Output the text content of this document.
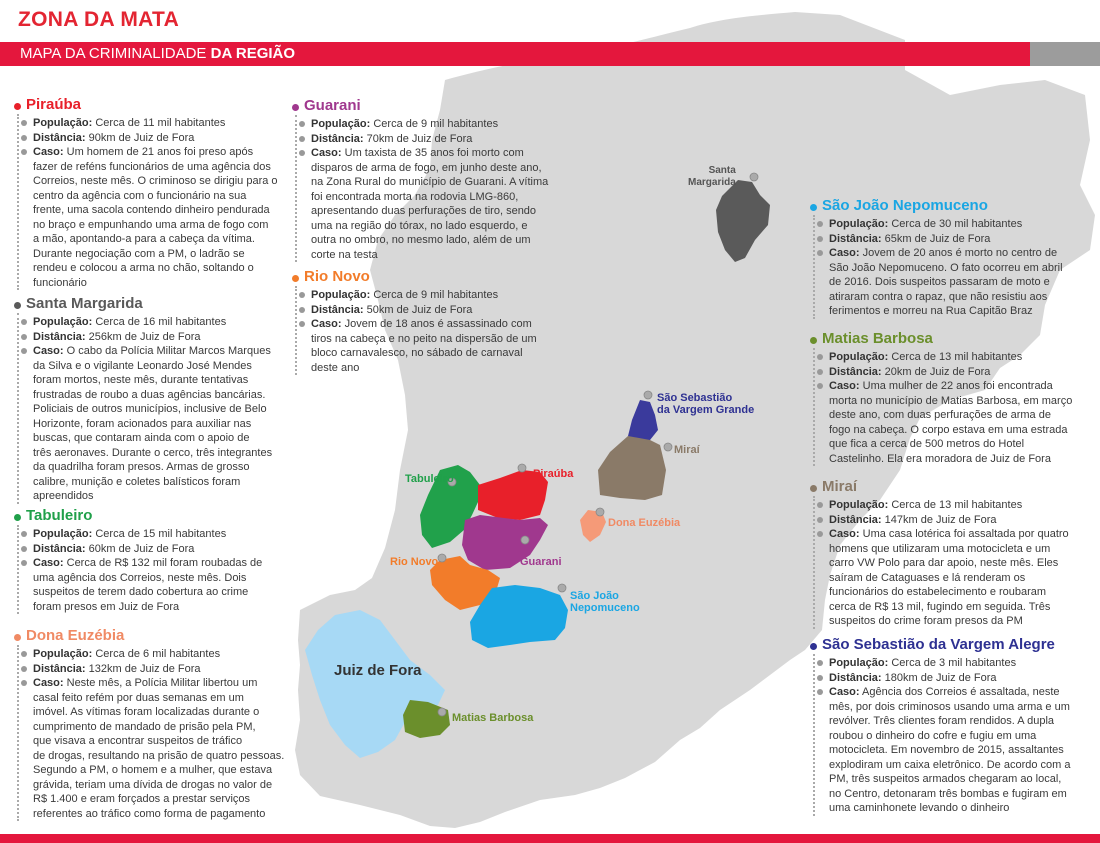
ZONA DA MATA
MAPA DA CRIMINALIDADE DA REGIÃO
Santa
Margarida
São Sebastião
da Vargem Grande
Miraí
Tabuleiro	Piraúba
Dona Euzébia
Guarani
Rio Novo
São João
Nepomuceno
Juiz de Fora
Matias Barbosa
Piraúba
População: Cerca de 11 mil habitantes
Distância: 90km de Juiz de Fora
Caso: Um homem de 21 anos foi preso após
fazer de reféns funcionários de uma agência dos
Correios, neste mês. O criminoso se dirigiu para o
centro da agência com o funcionário na sua
frente, uma sacola contendo dinheiro pendurada
no braço e empunhando uma arma de fogo com
a mão, apontando-a para a cabeça da vítima.
Durante negociação com a PM, o ladrão se
rendeu e colocou a arma no chão, soltando o
funcionário
Santa Margarida
População: Cerca de 16 mil habitantes
Distância: 256km de Juiz de Fora
Caso: O cabo da Polícia Militar Marcos Marques
da Silva e o vigilante Leonardo José Mendes
foram mortos, neste mês, durante tentativas
frustradas de roubo a duas agências bancárias.
Policiais de outros municípios, inclusive de Belo
Horizonte, foram acionados para auxiliar nas
buscas, que contaram ainda com o apoio de
três aeronaves. Durante o cerco, três integrantes
da quadrilha foram presos. Armas de grosso
calibre, munição e coletes balísticos foram
apreendidos
Tabuleiro
População: Cerca de 15 mil habitantes
Distância: 60km de Juiz de Fora
Caso: Cerca de R$ 132 mil foram roubadas de
uma agência dos Correios, neste mês. Dois
suspeitos de terem dado cobertura ao crime
foram presos em Juiz de Fora
Dona Euzébia
População: Cerca de 6 mil habitantes
Distância: 132km de Juiz de Fora
Caso: Neste mês, a Polícia Militar libertou um
casal feito refém por duas semanas em um
imóvel. As vítimas foram localizadas durante o
cumprimento de mandado de prisão pela PM,
que visava a encontrar suspeitos de tráfico
de drogas, resultando na prisão de quatro pessoas.
Segundo a PM, o homem e a mulher, que estava
grávida, teriam uma dívida de drogas no valor de
R$ 1.400 e eram forçados a prestar serviços
referentes ao tráfico como forma de pagamento
Guarani
População: Cerca de 9 mil habitantes
Distância: 70km de Juiz de Fora
Caso: Um taxista de 35 anos foi morto com
disparos de arma de fogo, em junho deste ano,
na Zona Rural do município de Guarani. A vítima
foi encontrada morta na rodovia LMG-860,
apresentando duas perfurações de tiro, sendo
uma na região do tórax, no lado esquerdo, e
outra no ombro, no mesmo lado, além de um
corte na testa
Rio Novo
População: Cerca de 9 mil habitantes
Distância: 50km de Juiz de Fora
Caso: Jovem de 18 anos é assassinado com
tiros na cabeça e no peito na dispersão de um
bloco carnavalesco, no sábado de carnaval
deste ano
São João Nepomuceno
População: Cerca de 30 mil habitantes
Distância: 65km de Juiz de Fora
Caso: Jovem de 20 anos é morto no centro de
São João Nepomuceno. O fato ocorreu em abril
de 2016. Dois suspeitos passaram de moto e
atiraram contra o rapaz, que não resistiu aos
ferimentos e morreu na Rua Capitão Braz
Matias Barbosa
População: Cerca de 13 mil habitantes
Distância: 20km de Juiz de Fora
Caso: Uma mulher de 22 anos foi encontrada
morta no município de Matias Barbosa, em março
deste ano, com duas perfurações de arma de
fogo na cabeça. O corpo estava em uma estrada
que fica a cerca de 500 metros do Hotel
Castelinho. Ela era moradora de Juiz de Fora
Miraí
População: Cerca de 13 mil habitantes
Distância: 147km de Juiz de Fora
Caso: Uma casa lotérica foi assaltada por quatro
homens que utilizaram uma motocicleta e um
carro VW Polo para dar apoio, neste mês. Eles
saíram de Cataguases e lá renderam os
funcionários do estabelecimento e roubaram
cerca de R$ 13 mil, fugindo em seguida. Três
suspeitos do crime foram presos da PM
São Sebastião da Vargem Alegre
População: Cerca de 3 mil habitantes
Distância: 180km de Juiz de Fora
Caso: Agência dos Correios é assaltada, neste
mês, por dois criminosos usando uma arma e um
revólver. Três clientes foram rendidos. A dupla
roubou o dinheiro do cofre e fugiu em uma
motocicleta. Em novembro de 2015, assaltantes
explodiram um caixa eletrônico. De acordo com a
PM, três suspeitos armados chegaram ao local,
no Centro, detonaram três bombas e fugiram em
uma caminhonete levando o dinheiro
